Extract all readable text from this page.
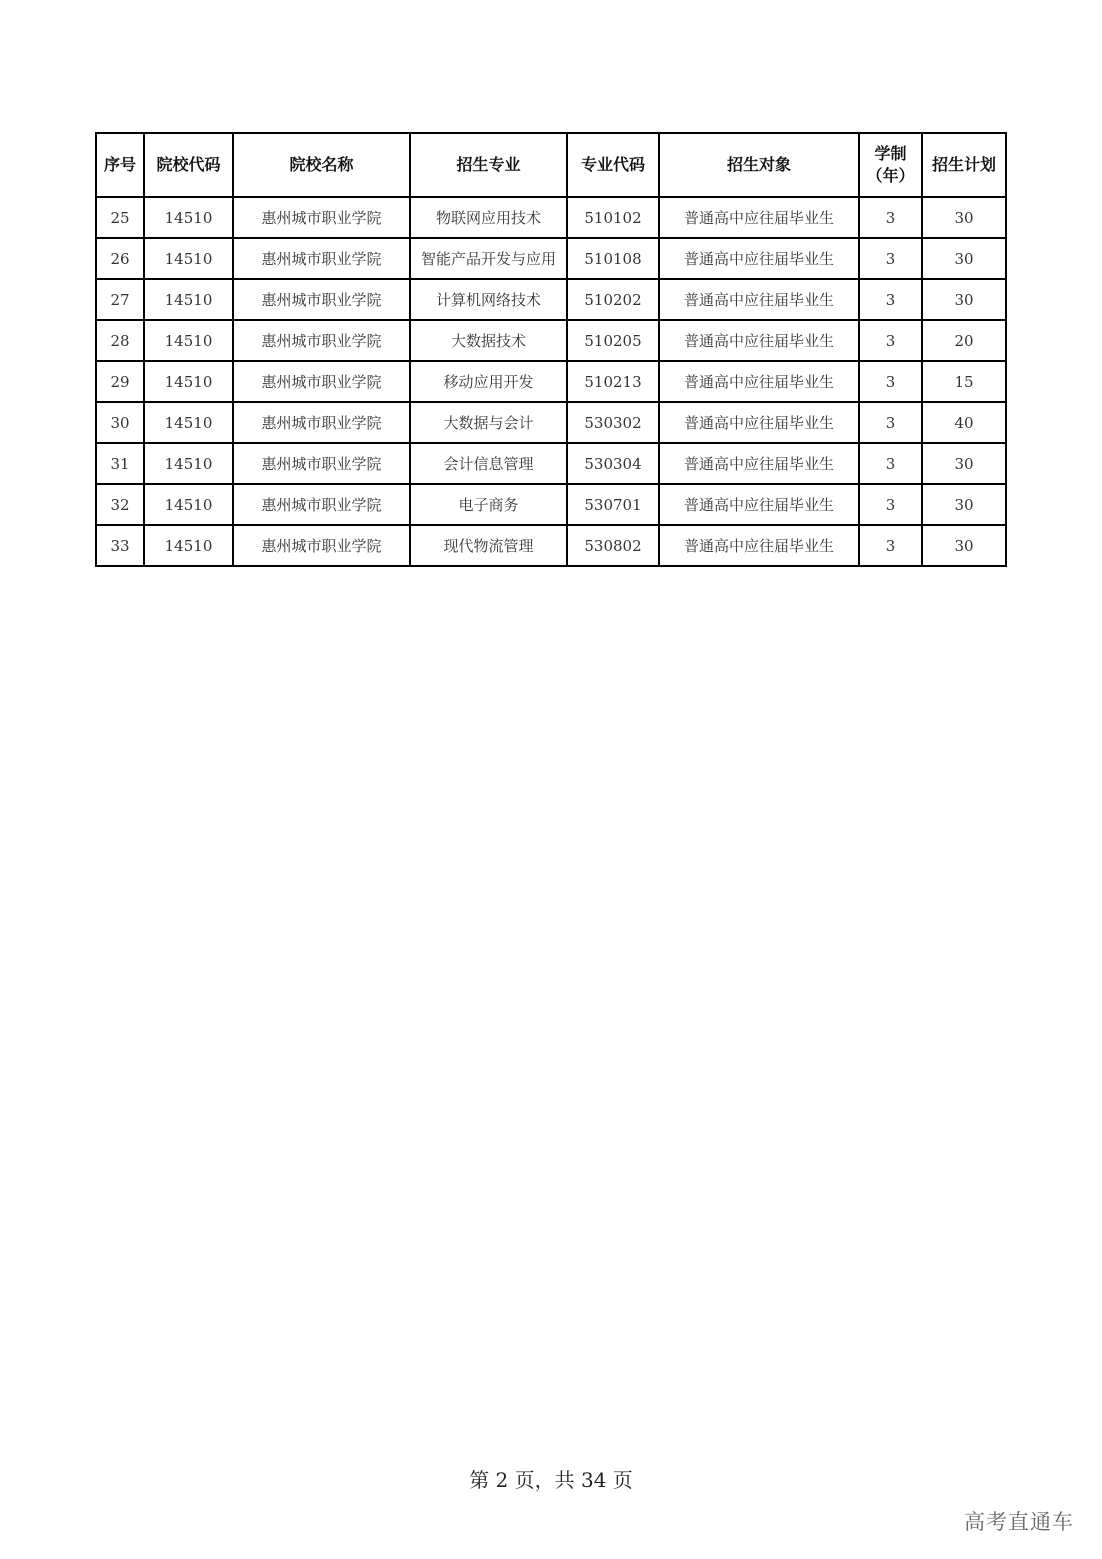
序号	院校代码	院校名称	招生专业	专业代码	招生对象	学制（年）	招生计划
25	14510	惠州城市职业学院	物联网应用技术	510102	普通高中应往届毕业生	3	30
26	14510	惠州城市职业学院	智能产品开发与应用	510108	普通高中应往届毕业生	3	30
27	14510	惠州城市职业学院	计算机网络技术	510202	普通高中应往届毕业生	3	30
28	14510	惠州城市职业学院	大数据技术	510205	普通高中应往届毕业生	3	20
29	14510	惠州城市职业学院	移动应用开发	510213	普通高中应往届毕业生	3	15
30	14510	惠州城市职业学院	大数据与会计	530302	普通高中应往届毕业生	3	40
31	14510	惠州城市职业学院	会计信息管理	530304	普通高中应往届毕业生	3	30
32	14510	惠州城市职业学院	电子商务	530701	普通高中应往届毕业生	3	30
33	14510	惠州城市职业学院	现代物流管理	530802	普通高中应往届毕业生	3	30
第 2 页，共 34 页
高考直通车
